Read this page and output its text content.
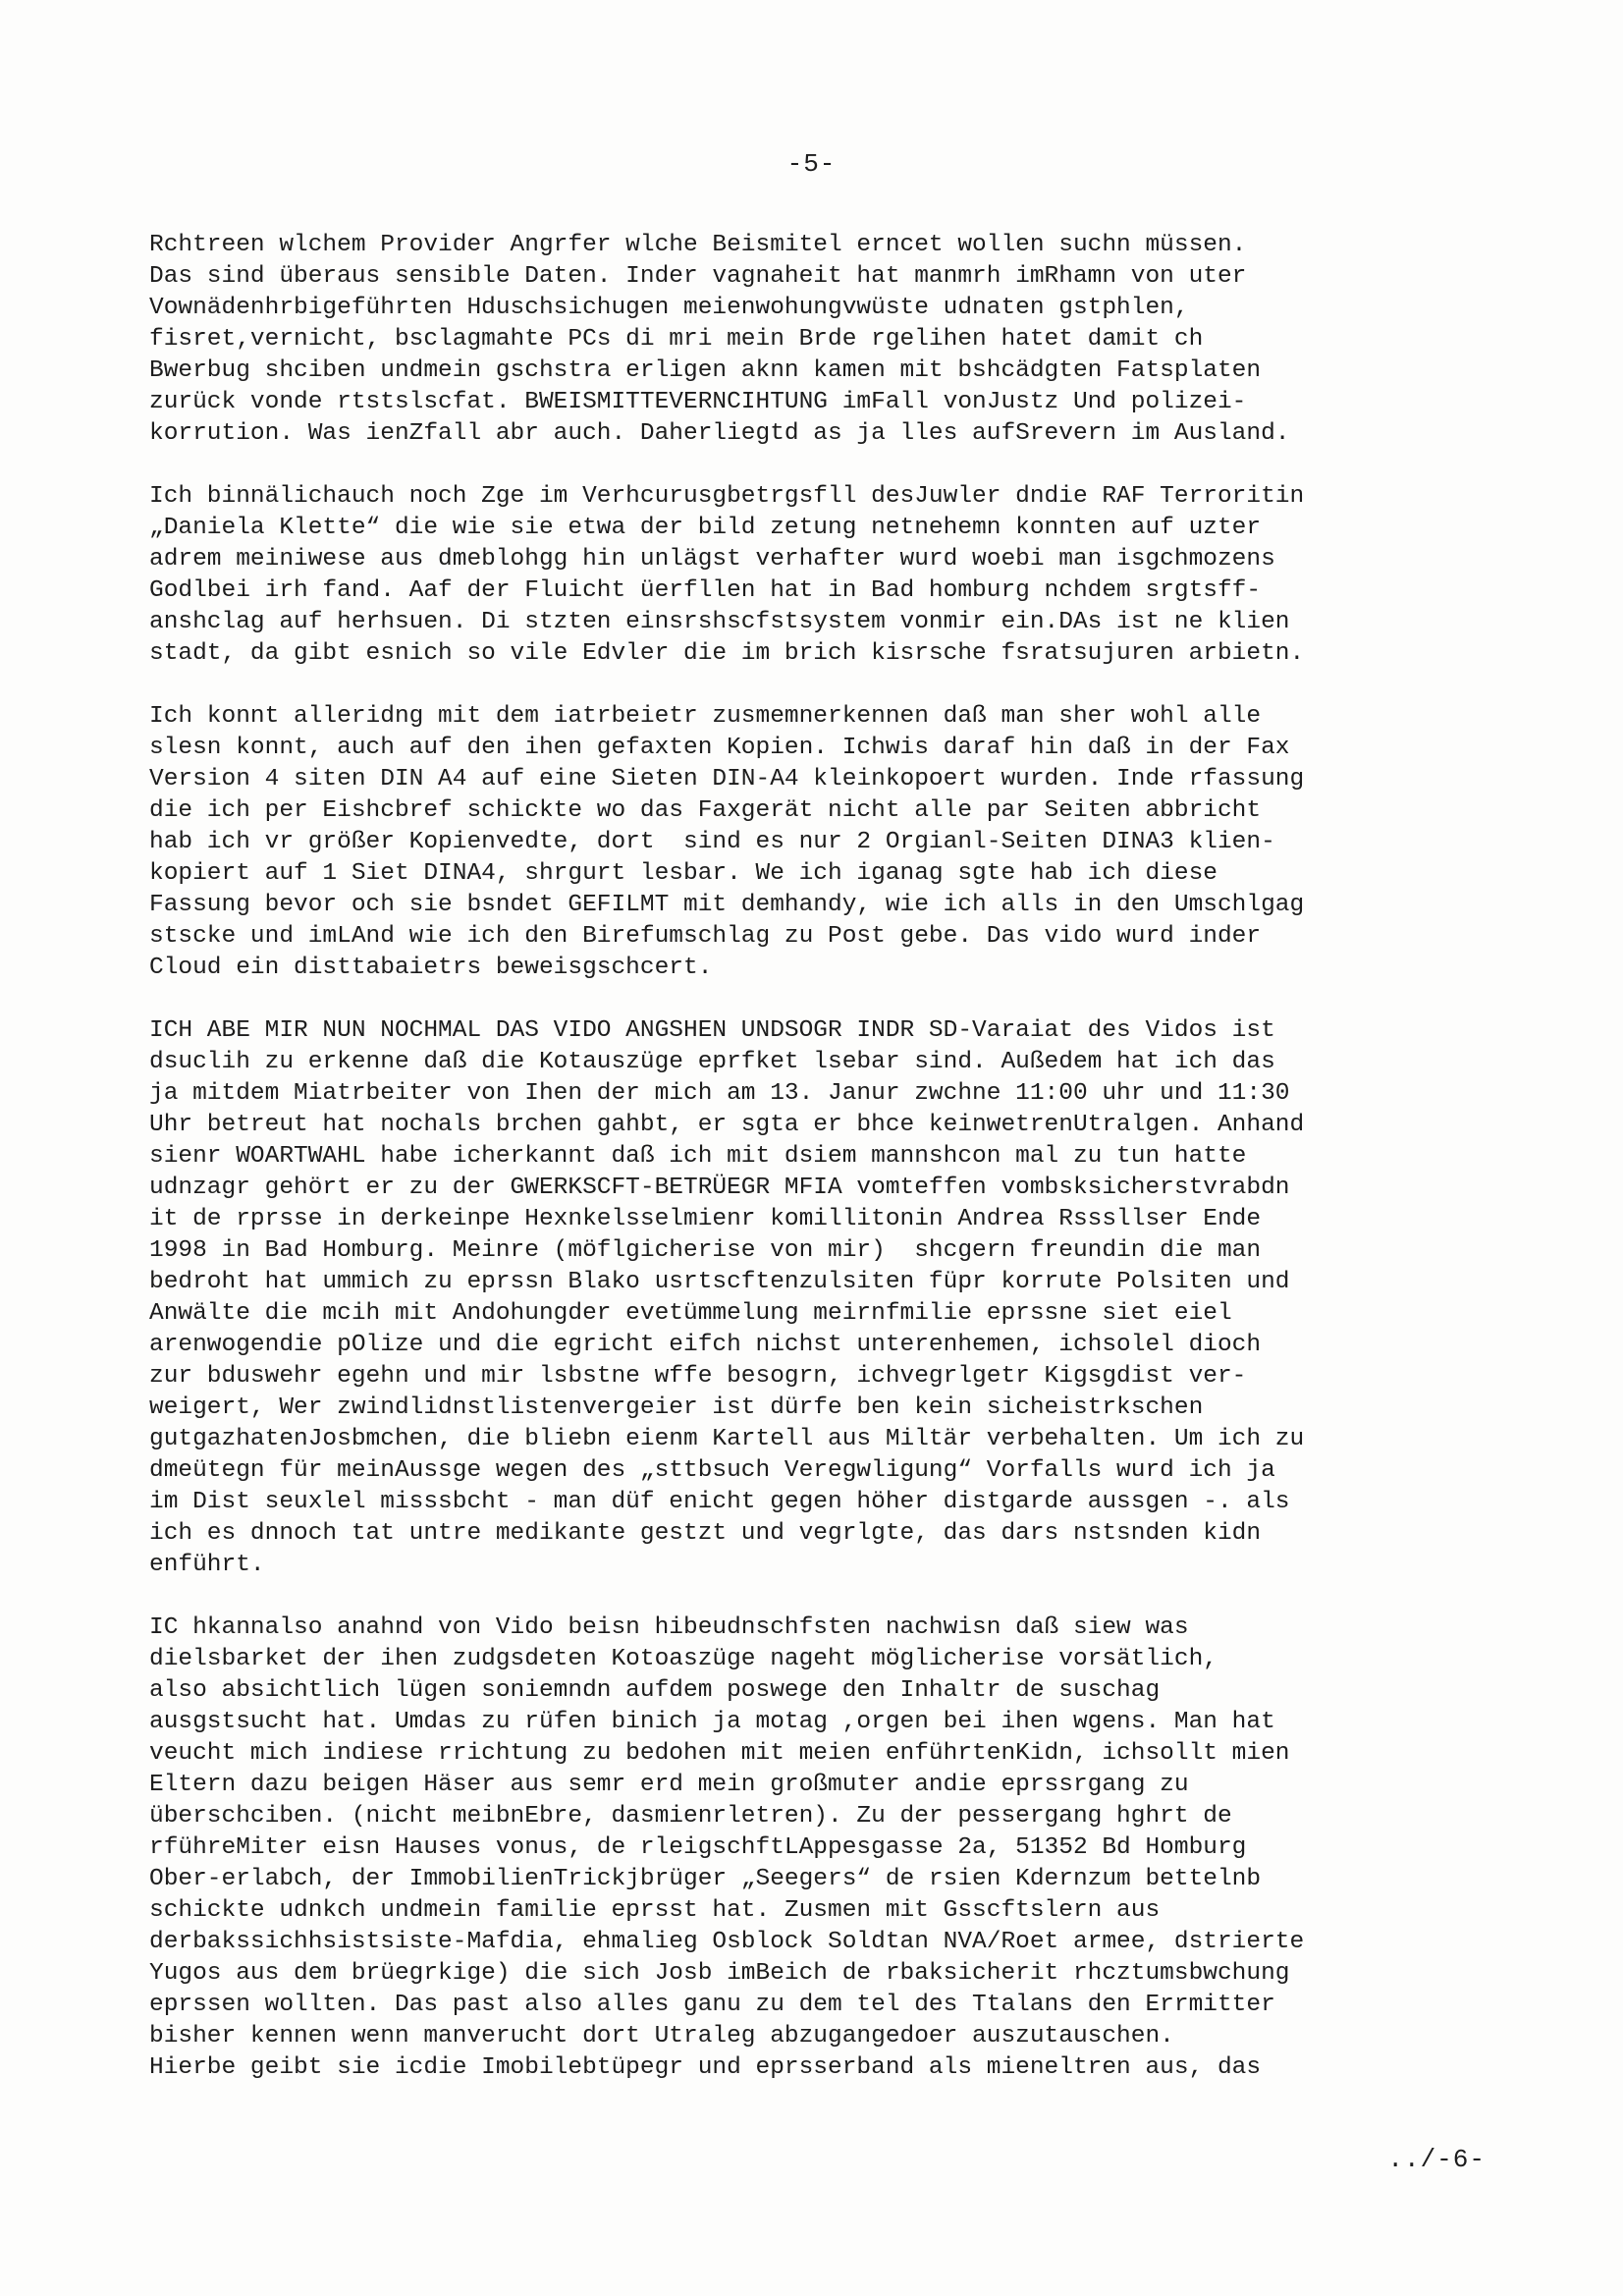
-5-
Rchtreen wlchem Provider Angrfer wlche Beismitel erncet wollen suchn müssen.
Das sind überaus sensible Daten. Inder vagnaheit hat manmrh imRhamn von uter
Vownädenhrbigeführten Hduschsichugen meienwohungvwüste udnaten gstphlen,
fisret,vernicht, bsclagmahte PCs di mri mein Brde rgelihen hatet damit ch
Bwerbug shciben undmein gschstra erligen aknn kamen mit bshcädgten Fatsplaten
zurück vonde rtstslscfat. BWEISMITTEVERNCIHTUNG imFall vonJustz Und polizei-
korrution. Was ienZfall abr auch. Daherliegtd as ja lles aufSrevern im Ausland.
Ich binnälichauch noch Zge im Verhcurusgbetrgsfll desJuwler dndie RAF Terroritin
„Daniela Klette“ die wie sie etwa der bild zetung netnehemn konnten auf uzter
adrem meiniwese aus dmeblohgg hin unlägst verhafter wurd woebi man isgchmozens
Godlbei irh fand. Aaf der Fluicht üerfllen hat in Bad homburg nchdem srgtsff-
anshclag auf herhsuen. Di stzten einsrshscfstsystem vonmir ein.DAs ist ne klien
stadt, da gibt esnich so vile Edvler die im brich kisrsche fsratsujuren arbietn.
Ich konnt alleridng mit dem iatrbeietr zusmemnerkennen daß man sher wohl alle
slesn konnt, auch auf den ihen gefaxten Kopien. Ichwis daraf hin daß in der Fax
Version 4 siten DIN A4 auf eine Sieten DIN-A4 kleinkopoert wurden. Inde rfassung
die ich per Eishcbref schickte wo das Faxgerät nicht alle par Seiten abbricht
hab ich vr größer Kopienvedte, dort  sind es nur 2 Orgianl-Seiten DINA3 klien-
kopiert auf 1 Siet DINA4, shrgurt lesbar. We ich iganag sgte hab ich diese
Fassung bevor och sie bsndet GEFILMT mit demhandy, wie ich alls in den Umschlgag
stscke und imLAnd wie ich den Birefumschlag zu Post gebe. Das vido wurd inder
Cloud ein disttabaietrs beweisgschcert.
ICH ABE MIR NUN NOCHMAL DAS VIDO ANGSHEN UNDSOGR INDR SD-Varaiat des Vidos ist
dsuclih zu erkenne daß die Kotauszüge eprfket lsebar sind. Außedem hat ich das
ja mitdem Miatrbeiter von Ihen der mich am 13. Janur zwchne 11:00 uhr und 11:30
Uhr betreut hat nochals brchen gahbt, er sgta er bhce keinwetrenUtralgen. Anhand
sienr WOARTWAHL habe icherkannt daß ich mit dsiem mannshcon mal zu tun hatte
udnzagr gehört er zu der GWERKSCFT-BETRÜEGR MFIA vomteffen vombsksicherstvrabdn
it de rprsse in derkeinpe Hexnkelsselmienr komillitonin Andrea Rsssllser Ende
1998 in Bad Homburg. Meinre (möflgicherise von mir)  shcgern freundin die man
bedroht hat ummich zu eprssn Blako usrtscftenzulsiten füpr korrute Polsiten und
Anwälte die mcih mit Andohungder evetümmelung meirnfmilie eprssne siet eiel
arenwogendie pOlize und die egricht eifch nichst unterenhemen, ichsolel dioch
zur bduswehr egehn und mir lsbstne wffe besogrn, ichvegrlgetr Kigsgdist ver-
weigert, Wer zwindlidnstlistenvergeier ist dürfe ben kein sicheistrkschen
gutgazhatenJosbmchen, die bliebn eienm Kartell aus Miltär verbehalten. Um ich zu
dmeütegn für meinAussge wegen des „sttbsuch Veregwligung“ Vorfalls wurd ich ja
im Dist seuxlel misssbcht - man düf enicht gegen höher distgarde aussgen -. als
ich es dnnoch tat untre medikante gestzt und vegrlgte, das dars nstsnden kidn
enführt.
IC hkannalso anahnd von Vido beisn hibeudnschfsten nachwisn daß siew was
dielsbarket der ihen zudgsdeten Kotoaszüge nageht möglicherise vorsätlich,
also absichtlich lügen soniemndn aufdem poswege den Inhaltr de suschag
ausgstsucht hat. Umdas zu rüfen binich ja motag ,orgen bei ihen wgens. Man hat
veucht mich indiese rrichtung zu bedohen mit meien enführtenKidn, ichsollt mien
Eltern dazu beigen Häser aus semr erd mein großmuter andie eprssrgang zu
überschciben. (nicht meibnEbre, dasmienrletren). Zu der pessergang hghrt de
rführeMiter eisn Hauses vonus, de rleigschftLAppesgasse 2a, 51352 Bd Homburg
Ober-erlabch, der ImmobilienTrickjbrüger „Seegers“ de rsien Kdernzum bettelnb
schickte udnkch undmein familie eprsst hat. Zusmen mit Gsscftslern aus
derbakssichhsistsiste-Mafdia, ehmalieg Osblock Soldtan NVA/Roet armee, dstrierte
Yugos aus dem brüegrkige) die sich Josb imBeich de rbaksicherit rhcztumsbwchung
eprssen wollten. Das past also alles ganu zu dem tel des Ttalans den Errmitter
bisher kennen wenn manverucht dort Utraleg abzugangedoer auszutauschen.
Hierbe geibt sie icdie Imobilebtüpegr und eprsserband als mieneltren aus, das
../-6-
